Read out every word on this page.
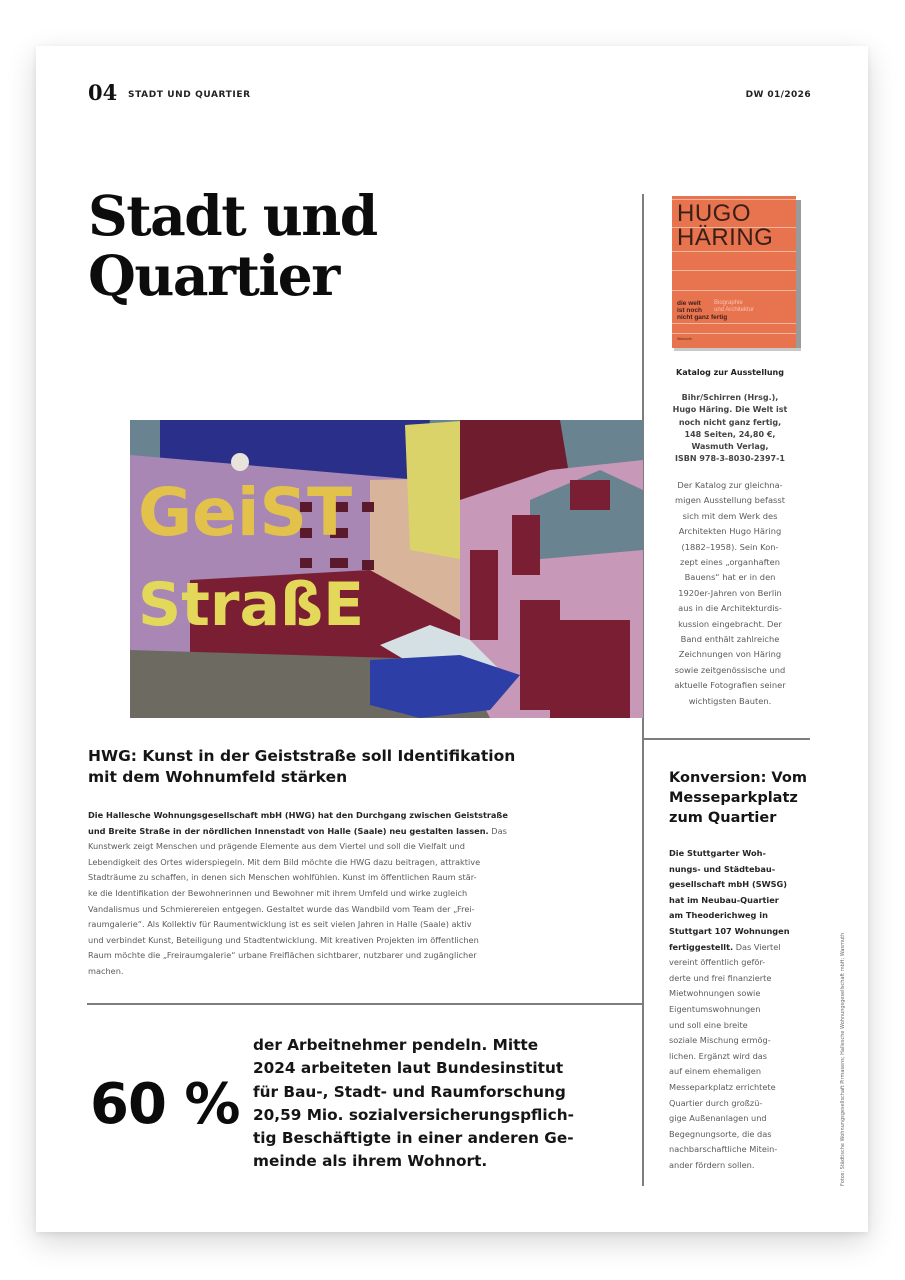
04 STADT UND QUARTIER	DW 01/2026
Stadt und
Quartier
GeiST
StraßE
HUGO
HÄRING
die welt
ist noch
nicht ganz fertig
Biographie
und Architektur
Wasmuth
Katalog zur Ausstellung
Bihr/Schirren (Hrsg.),
Hugo Häring. Die Welt ist
noch nicht ganz fertig,
148 Seiten, 24,80 €,
Wasmuth Verlag,
ISBN 978-3-8030-2397-1
Der Katalog zur gleichna-
migen Ausstellung befasst
sich mit dem Werk des
Architekten Hugo Häring
(1882–1958). Sein Kon-
zept eines „organhaften
Bauens“ hat er in den
1920er-Jahren von Berlin
aus in die Architekturdis-
kussion eingebracht. Der
Band enthält zahlreiche
Zeichnungen von Häring
sowie zeitgenössische und
aktuelle Fotografien seiner
wichtigsten Bauten.
HWG: Kunst in der Geiststraße soll Identifikation
mit dem Wohnumfeld stärken
Die Hallesche Wohnungsgesellschaft mbH (HWG) hat den Durchgang zwischen Geiststraße
und Breite Straße in der nördlichen Innenstadt von Halle (Saale) neu gestalten lassen. Das
Kunstwerk zeigt Menschen und prägende Elemente aus dem Viertel und soll die Vielfalt und
Lebendigkeit des Ortes widerspiegeln. Mit dem Bild möchte die HWG dazu beitragen, attraktive
Stadträume zu schaffen, in denen sich Menschen wohlfühlen. Kunst im öffentlichen Raum stär-
ke die Identifikation der Bewohnerinnen und Bewohner mit ihrem Umfeld und wirke zugleich
Vandalismus und Schmierereien entgegen. Gestaltet wurde das Wandbild vom Team der „Frei-
raumgalerie“. Als Kollektiv für Raumentwicklung ist es seit vielen Jahren in Halle (Saale) aktiv
und verbindet Kunst, Beteiligung und Stadtentwicklung. Mit kreativen Projekten im öffentlichen
Raum möchte die „Freiraumgalerie“ urbane Freiflächen sichtbarer, nutzbarer und zugänglicher
machen.
60 %
der Arbeitnehmer pendeln. Mitte
2024 arbeiteten laut Bundesinstitut
für Bau-, Stadt- und Raumforschung
20,59 Mio. sozialversicherungspflich-
tig Beschäftigte in einer anderen Ge-
meinde als ihrem Wohnort.
Konversion: Vom
Messeparkplatz
zum Quartier
Die Stuttgarter Woh-
nungs- und Städtebau-
gesellschaft mbH (SWSG)
hat im Neubau-Quartier
am Theoderichweg in
Stuttgart 107 Wohnungen
fertiggestellt. Das Viertel
vereint öffentlich geför-
derte und frei finanzierte
Mietwohnungen sowie
Eigentumswohnungen
und soll eine breite
soziale Mischung ermög-
lichen. Ergänzt wird das
auf einem ehemaligen
Messeparkplatz errichtete
Quartier durch großzü-
gige Außenanlagen und
Begegnungsorte, die das
nachbarschaftliche Mitein-
ander fördern sollen.	Fotos: Städtische Wohnungsgesellschaft Pirmasens; Hallesche Wohnungsgesellschaft mbH; Wasmuth
